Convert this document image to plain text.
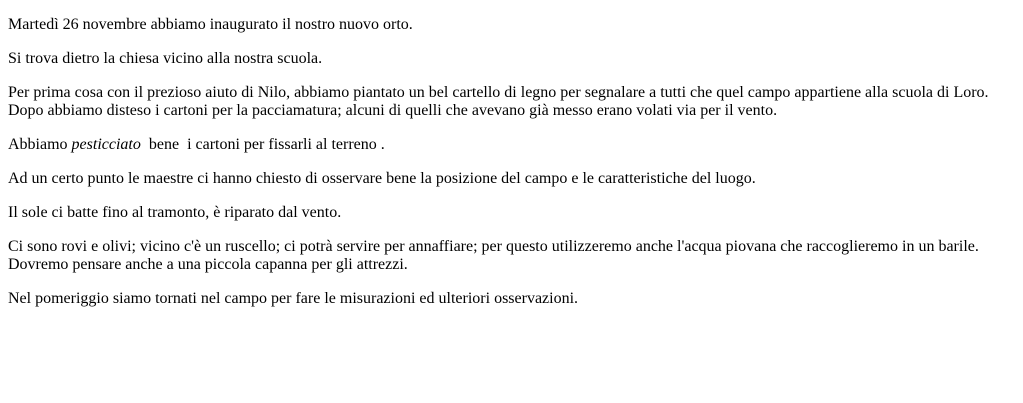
Martedì 26 novembre abbiamo inaugurato il nostro nuovo orto.

Si trova dietro la chiesa vicino alla nostra scuola.

Per prima cosa con il prezioso aiuto di Nilo, abbiamo piantato un bel cartello di legno per segnalare a tutti che quel campo appartiene alla scuola di Loro. Dopo abbiamo disteso i cartoni per la pacciamatura; alcuni di quelli che avevano già messo erano volati via per il vento.

Abbiamo pesticciato  bene  i cartoni per fissarli al terreno .

Ad un certo punto le maestre ci hanno chiesto di osservare bene la posizione del campo e le caratteristiche del luogo.

Il sole ci batte fino al tramonto, è riparato dal vento.

Ci sono rovi e olivi; vicino c'è un ruscello; ci potrà servire per annaffiare; per questo utilizzeremo anche l'acqua piovana che raccoglieremo in un barile. Dovremo pensare anche a una piccola capanna per gli attrezzi.

Nel pomeriggio siamo tornati nel campo per fare le misurazioni ed ulteriori osservazioni.
